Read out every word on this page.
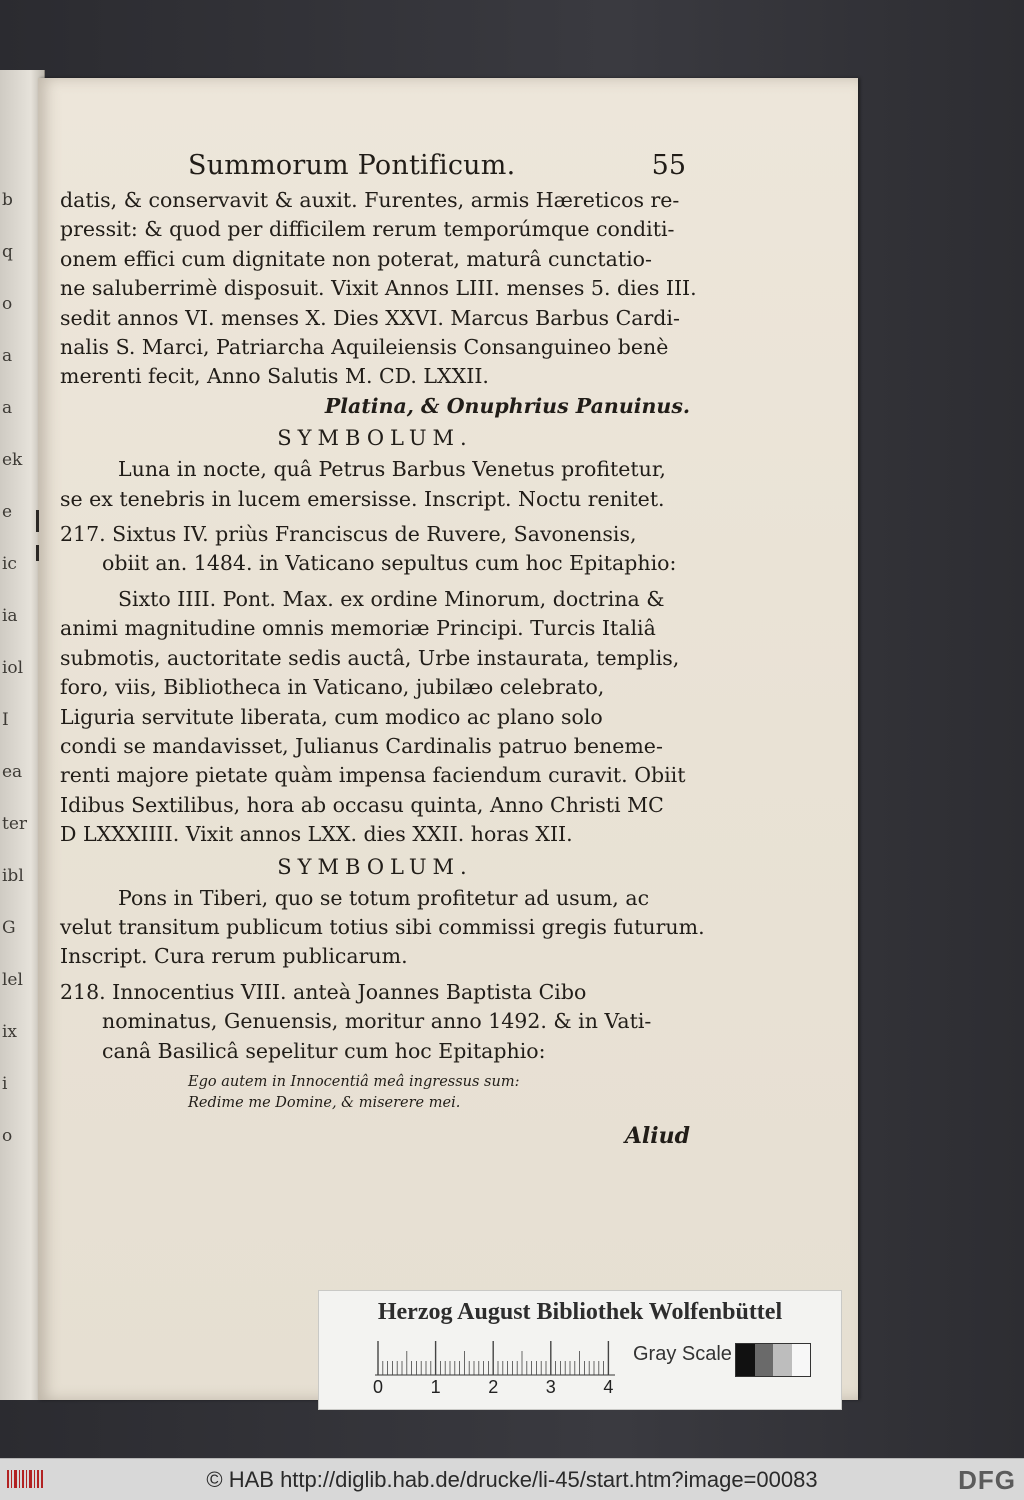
b
q
o
a
a
ek
e
ic
ia
iol
I
ea
ter
ibl
G
lel
ix
i
o
Summorum Pontificum.	55
datis, & conservavit & auxit. Furentes, armis Hæreticos re-
pressit: & quod per difficilem rerum temporúmque conditi-
onem effici cum dignitate non poterat, maturâ cunctatio-
ne saluberrimè disposuit. Vixit Annos LIII. menses 5. dies III.
sedit annos VI. menses X. Dies XXVI. Marcus Barbus Cardi-
nalis S. Marci, Patriarcha Aquileiensis Consanguineo benè
merenti fecit, Anno Salutis M. CD. LXXII.
Platina, & Onuphrius Panuinus.
SYMBOLUM.
Luna in nocte, quâ Petrus Barbus Venetus profitetur,
se ex tenebris in lucem emersisse. Inscript. Noctu renitet.
217. Sixtus IV. priùs Franciscus de Ruvere, Savonensis,
obiit an. 1484. in Vaticano sepultus cum hoc Epitaphio:
Sixto IIII. Pont. Max. ex ordine Minorum, doctrina &
animi magnitudine omnis memoriæ Principi. Turcis Italiâ
submotis, auctoritate sedis auctâ, Urbe instaurata, templis,
foro, viis, Bibliotheca in Vaticano, jubilæo celebrato,
Liguria servitute liberata, cum modico ac plano solo
condi se mandavisset, Julianus Cardinalis patruo beneme-
renti majore pietate quàm impensa faciendum curavit. Obiit
Idibus Sextilibus, hora ab occasu quinta, Anno Christi MC
D LXXXIIII. Vixit annos LXX. dies XXII. horas XII.
SYMBOLUM.
Pons in Tiberi, quo se totum profitetur ad usum, ac
velut transitum publicum totius sibi commissi gregis futurum.
Inscript. Cura rerum publicarum.
218. Innocentius VIII. anteà Joannes Baptista Cibo
nominatus, Genuensis, moritur anno 1492. & in Vati-
canâ Basilicâ sepelitur cum hoc Epitaphio:
Ego autem in Innocentiâ meâ ingressus sum:
Redime me Domine, & miserere mei.
Aliud
Herzog August Bibliothek Wolfenbüttel
0	1	2	3	4
Gray Scale
© HAB http://diglib.hab.de/drucke/li-45/start.htm?image=00083	DFG
